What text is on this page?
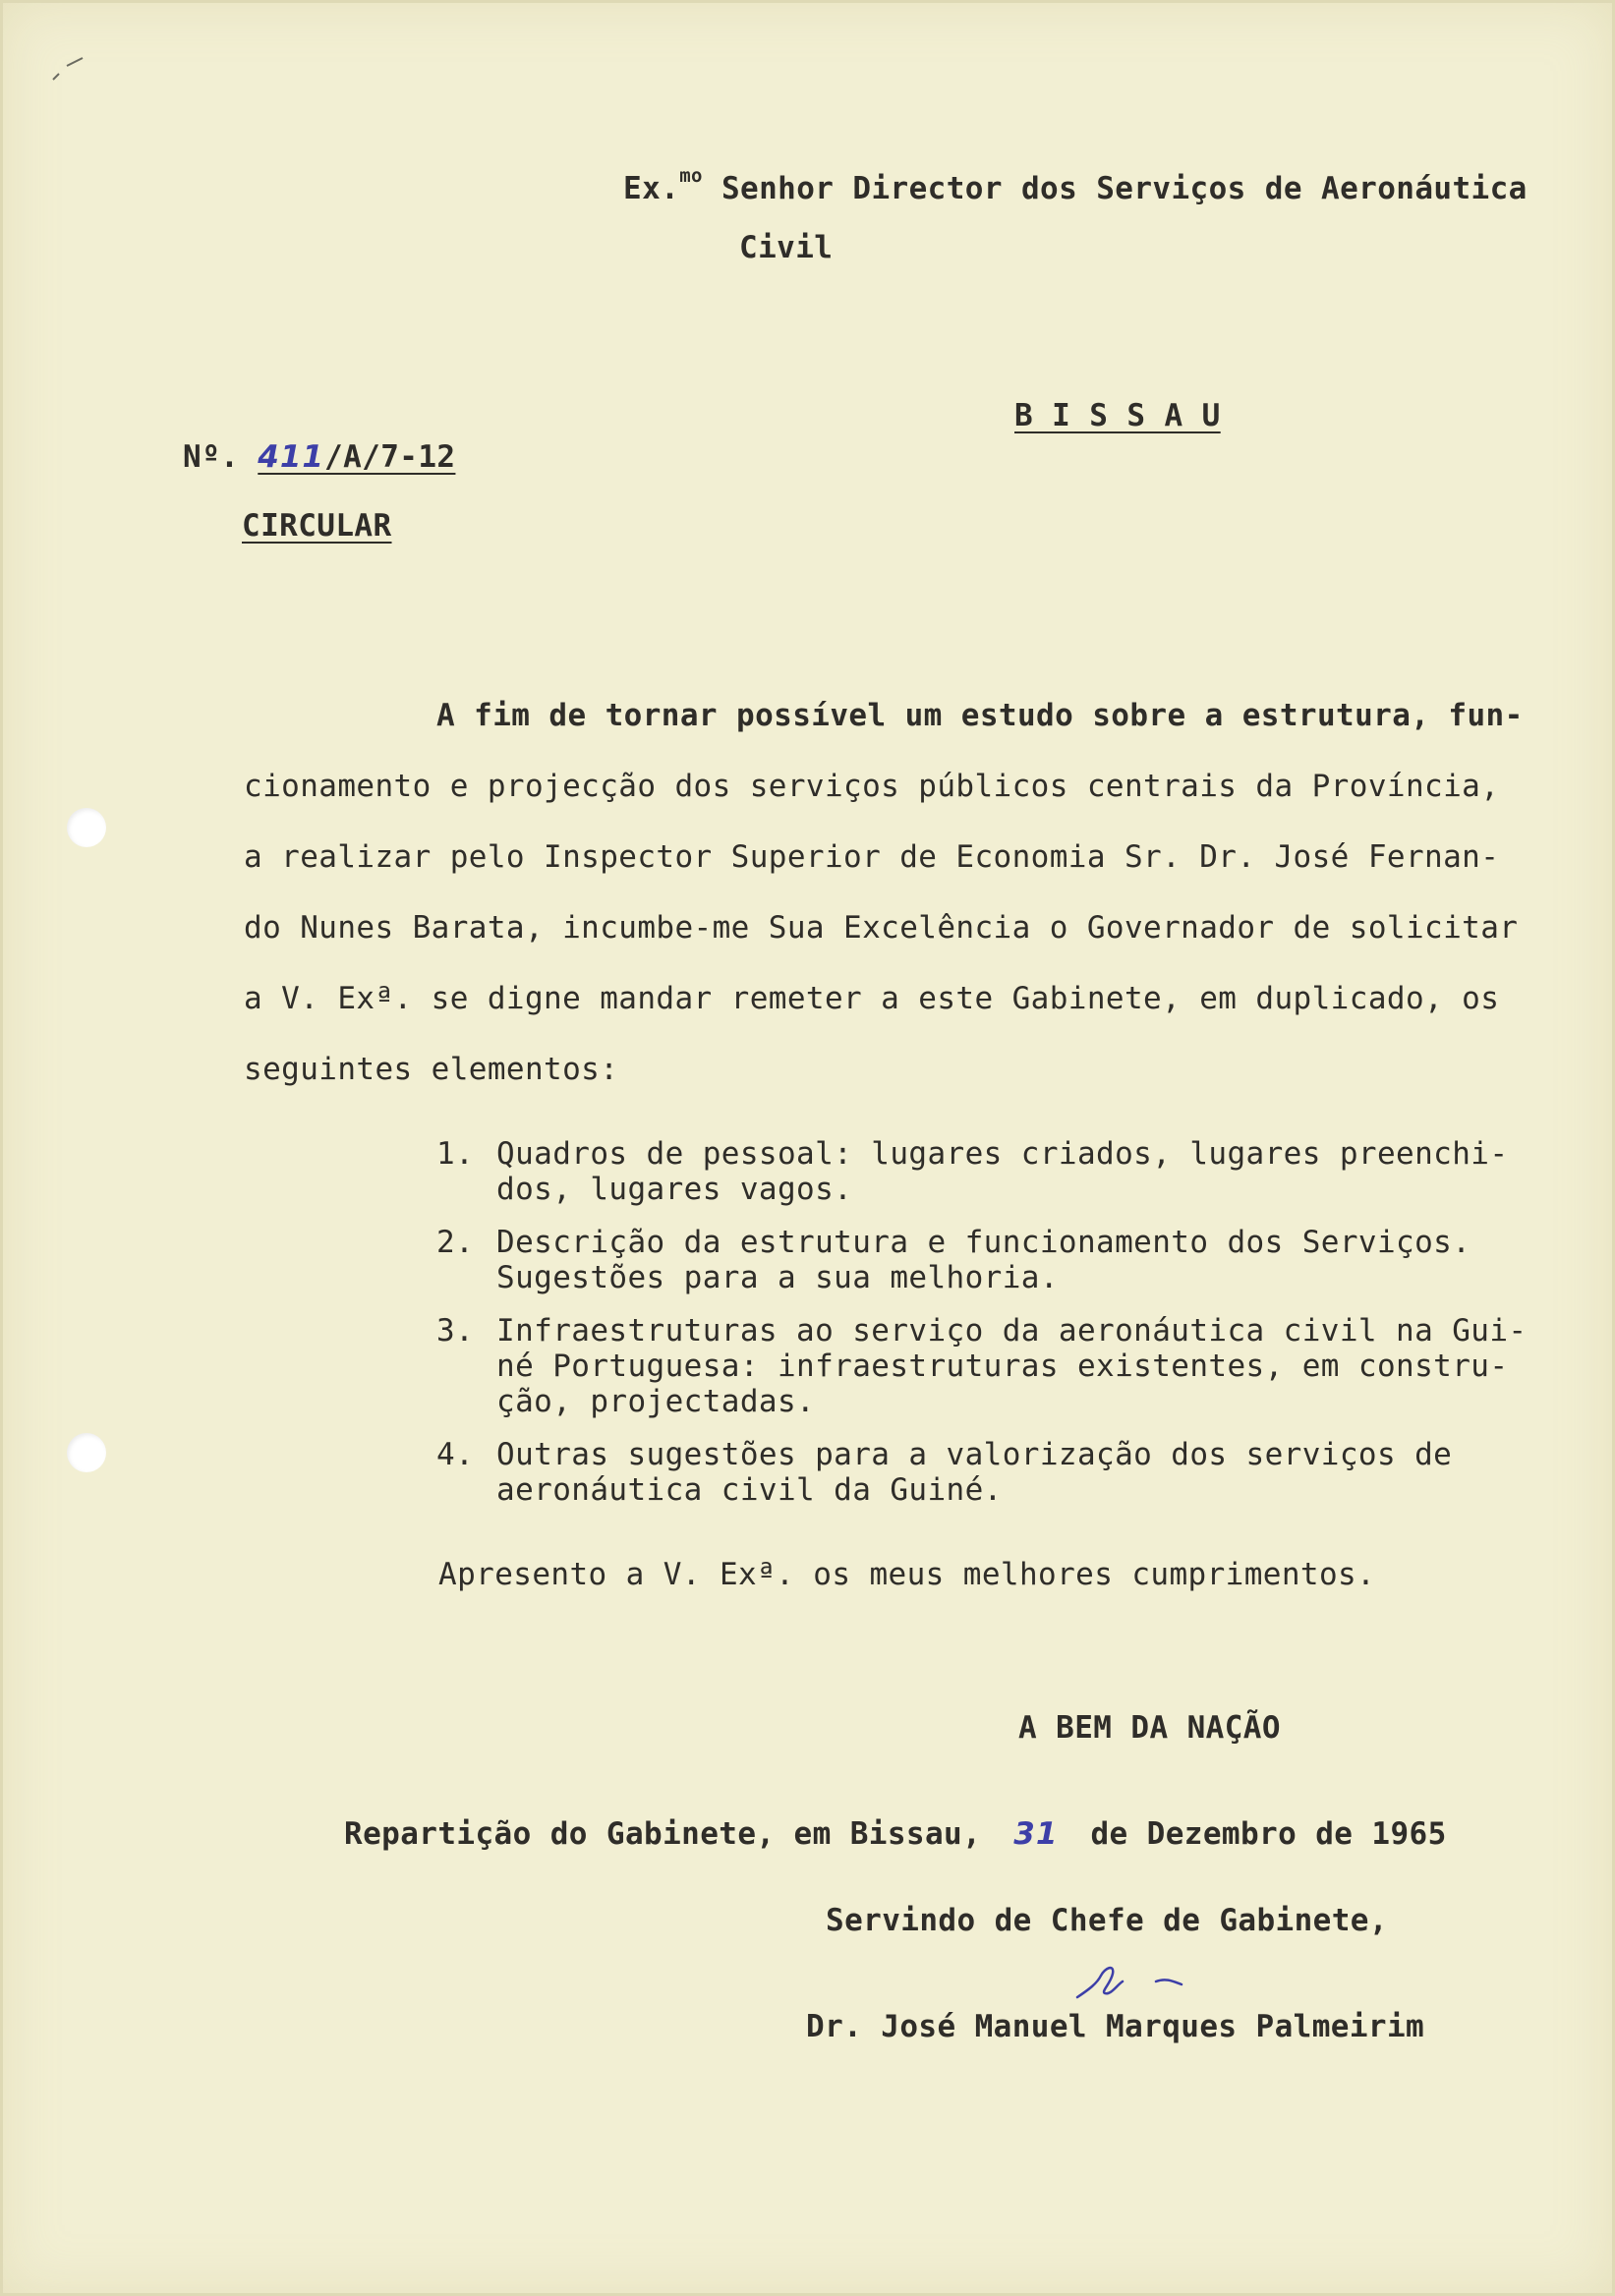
Ex.$^{mo}$ Senhor Director dos Serviços de Aeronáutica
Civil
B I S S A U
Nº. 411/A/7-12
CIRCULAR
A fim de tornar possível um estudo sobre a estrutura, fun-
cionamento e projecção dos serviços públicos centrais da Província,
a realizar pelo Inspector Superior de Economia Sr. Dr. José Fernan-
do Nunes Barata, incumbe-me Sua Excelência o Governador de solicitar
a V. Exª. se digne mandar remeter a este Gabinete, em duplicado, os
seguintes elementos:
1. Quadros de pessoal: lugares criados, lugares preenchi-
dos, lugares vagos.
2. Descrição da estrutura e funcionamento dos Serviços.
Sugestões para a sua melhoria.
3. Infraestruturas ao serviço da aeronáutica civil na Gui-
né Portuguesa: infraestruturas existentes, em constru-
ção, projectadas.
4. Outras sugestões para a valorização dos serviços de
aeronáutica civil da Guiné.
Apresento a V. Exª. os meus melhores cumprimentos.
A BEM DA NAÇÃO
Repartição do Gabinete, em Bissau, 31 de Dezembro de 1965
Servindo de Chefe de Gabinete,
Dr. José Manuel Marques Palmeirim
